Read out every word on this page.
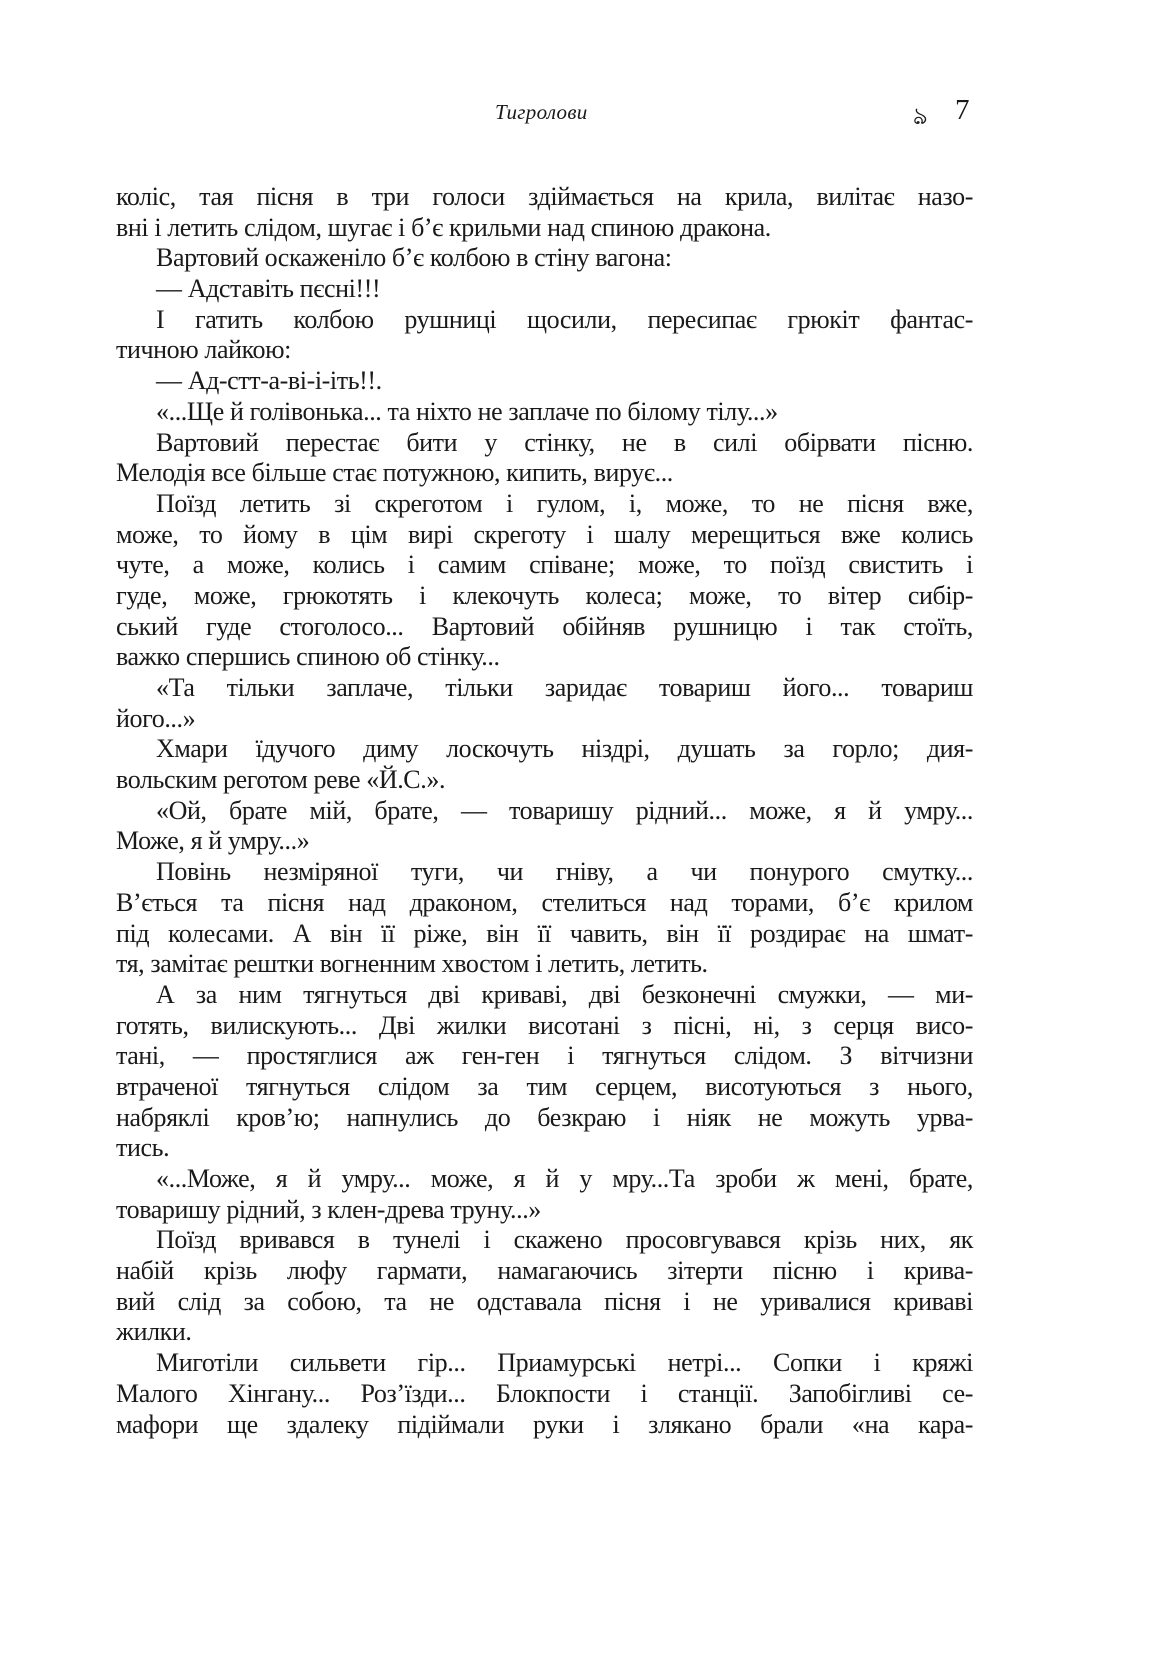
Тигролови	ঌ 7
коліс, тая пісня в три голоси здіймається на крила, вилітає назо-
вні і летить слідом, шугає і б’є крильми над спиною дракона.
Вартовий оскаженіло б’є колбою в стіну вагона:
— Адставіть пєсні!!!
І гатить колбою рушниці щосили, пересипає грюкіт фантас-
тичною лайкою:
— Ад-стт-а-ві-і-іть!!.
«...Ще й голівонька... та ніхто не заплаче по білому тілу...»
Вартовий перестає бити у стінку, не в силі обірвати пісню.
Мелодія все більше стає потужною, кипить, вирує...
Поїзд летить зі скреготом і гулом, і, може, то не пісня вже,
може, то йому в цім вирі скреготу і шалу мерещиться вже колись
чуте, а може, колись і самим співане; може, то поїзд свистить і
гуде, може, грюкотять і клекочуть колеса; може, то вітер сибір-
ський гуде стоголосо... Вартовий обійняв рушницю і так стоїть,
важко спершись спиною об стінку...
«Та тільки заплаче, тільки заридає товариш його... товариш
його...»
Хмари їдучого диму лоскочуть ніздрі, душать за горло; дия-
вольским реготом реве «Й.С.».
«Ой, брате мій, брате, — товаришу рідний... може, я й умру...
Може, я й умру...»
Повінь незміряної туги, чи гніву, а чи понурого смутку...
В’ється та пісня над драконом, стелиться над торами, б’є крилом
під колесами. А він її ріже, він її чавить, він її роздирає на шмат-
тя, замітає рештки вогненним хвостом і летить, летить.
А за ним тягнуться дві криваві, дві безконечні смужки, — ми-
готять, вилискують... Дві жилки висотані з пісні, ні, з серця висо-
тані, — простяглися аж ген-ген і тягнуться слідом. З вітчизни
втраченої тягнуться слідом за тим серцем, висотуються з нього,
набряклі кров’ю; напнулись до безкраю і ніяк не можуть урва-
тись.
«...Може, я й умру... може, я й у мру...Та зроби ж мені, брате,
товаришу рідний, з клен-древа труну...»
Поїзд вривався в тунелі і скажено просовгувався крізь них, як
набій крізь люфу гармати, намагаючись зітерти пісню і крива-
вий слід за собою, та не одставала пісня і не уривалися криваві
жилки.
Миготіли сильвети гір... Приамурські нетрі... Сопки і кряжі
Малого Хінгану... Роз’їзди... Блокпости і станції. Запобігливі се-
мафори ще здалеку підіймали руки і злякано брали «на кара-
